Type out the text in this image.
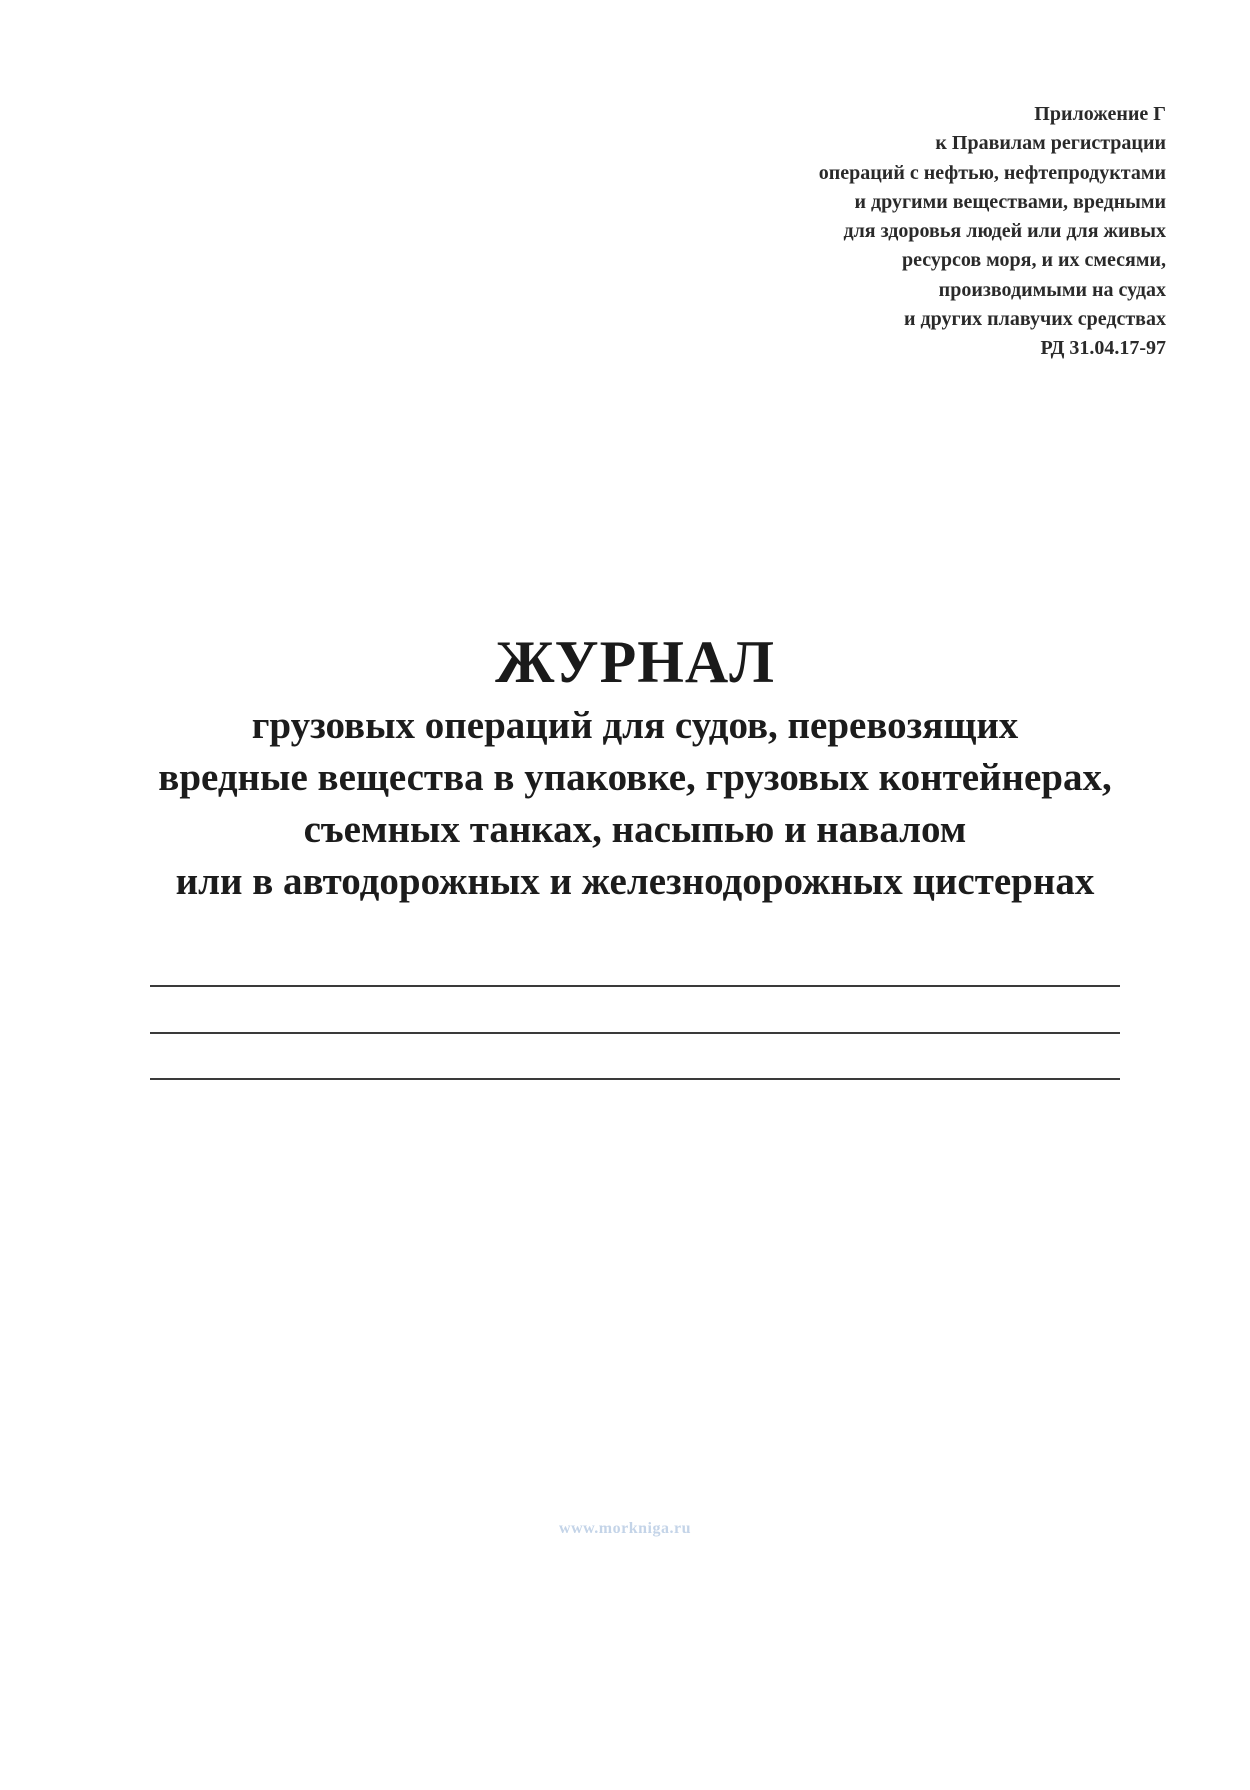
Приложение Г
к Правилам регистрации
операций с нефтью, нефтепродуктами
и другими веществами, вредными
для здоровья людей или для живых
ресурсов моря, и их смесями,
производимыми на судах
и других плавучих средствах
РД 31.04.17-97
ЖУРНАЛ
грузовых операций для судов, перевозящих
вредные вещества в упаковке, грузовых контейнерах,
съемных танках, насыпью и навалом
или в автодорожных и железнодорожных цистернах
www.morkniga.ru
